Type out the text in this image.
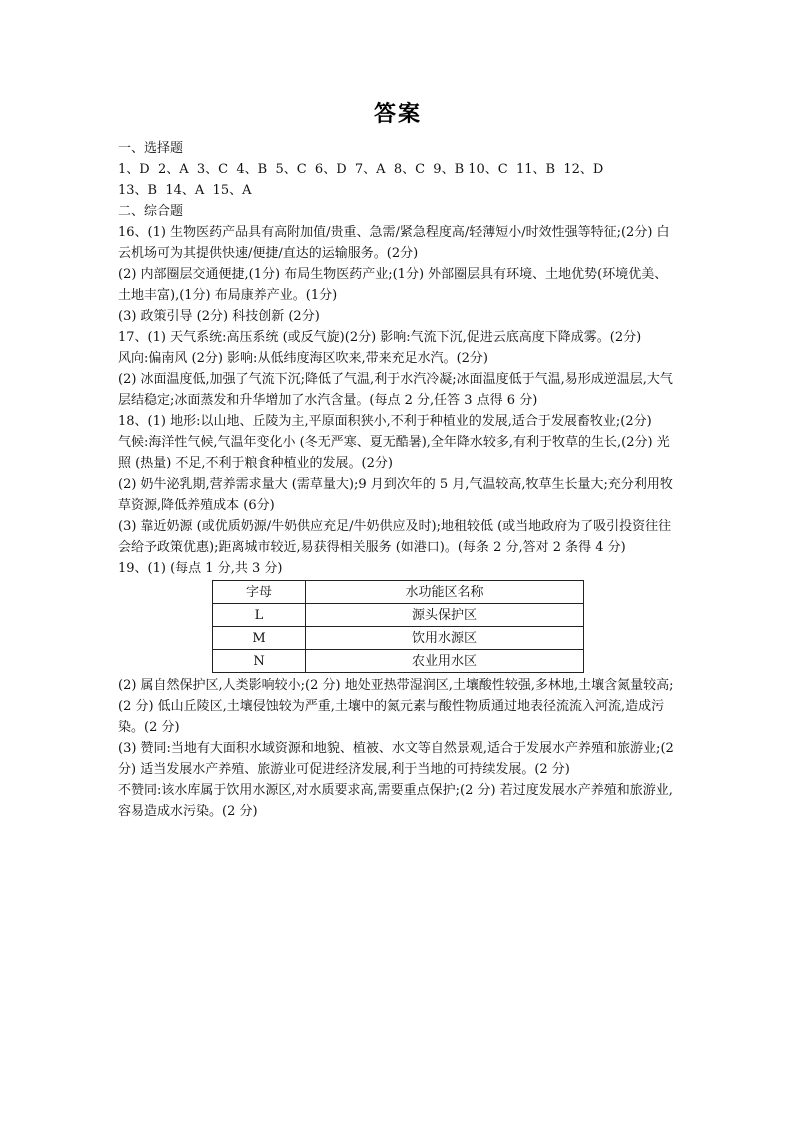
答案
一、选择题
1、D  2、A  3、C  4、B  5、C  6、D  7、A  8、C  9、B 10、C  11、B  12、D
13、B  14、A  15、A
二、综合题
16、(1) 生物医药产品具有高附加值/贵重、急需/紧急程度高/轻薄短小/时效性强等特征;(2分) 白云机场可为其提供快速/便捷/直达的运输服务。(2分)
(2) 内部圈层交通便捷,(1分) 布局生物医药产业;(1分) 外部圈层具有环境、土地优势(环境优美、土地丰富),(1分) 布局康养产业。(1分)
(3) 政策引导 (2分) 科技创新 (2分)
17、(1) 天气系统:高压系统 (或反气旋)(2分) 影响:气流下沉,促进云底高度下降成雾。(2分)
风向:偏南风 (2分) 影响:从低纬度海区吹来,带来充足水汽。(2分)
(2) 冰面温度低,加强了气流下沉;降低了气温,利于水汽冷凝;冰面温度低于气温,易形成逆温层,大气层结稳定;冰面蒸发和升华增加了水汽含量。(每点 2 分,任答 3 点得 6 分)
18、(1) 地形:以山地、丘陵为主,平原面积狭小,不利于种植业的发展,适合于发展畜牧业;(2分)
气候:海洋性气候,气温年变化小 (冬无严寒、夏无酷暑),全年降水较多,有利于牧草的生长,(2分) 光照 (热量) 不足,不利于粮食种植业的发展。(2分)
(2) 奶牛泌乳期,营养需求量大 (需草量大);9 月到次年的 5 月,气温较高,牧草生长量大;充分利用牧草资源,降低养殖成本 (6分)
(3) 靠近奶源 (或优质奶源/牛奶供应充足/牛奶供应及时);地租较低 (或当地政府为了吸引投资往往会给予政策优惠);距离城市较近,易获得相关服务 (如港口)。(每条 2 分,答对 2 条得 4 分)
19、(1) (每点 1 分,共 3 分)
字母	水功能区名称
L	源头保护区
M	饮用水源区
N	农业用水区
(2) 属自然保护区,人类影响较小;(2 分) 地处亚热带湿润区,土壤酸性较强,多林地,土壤含氮量较高;(2 分) 低山丘陵区,土壤侵蚀较为严重,土壤中的氮元素与酸性物质通过地表径流流入河流,造成污染。(2 分)
(3) 赞同:当地有大面积水域资源和地貌、植被、水文等自然景观,适合于发展水产养殖和旅游业;(2 分) 适当发展水产养殖、旅游业可促进经济发展,利于当地的可持续发展。(2 分)
不赞同:该水库属于饮用水源区,对水质要求高,需要重点保护;(2 分) 若过度发展水产养殖和旅游业,容易造成水污染。(2 分)
